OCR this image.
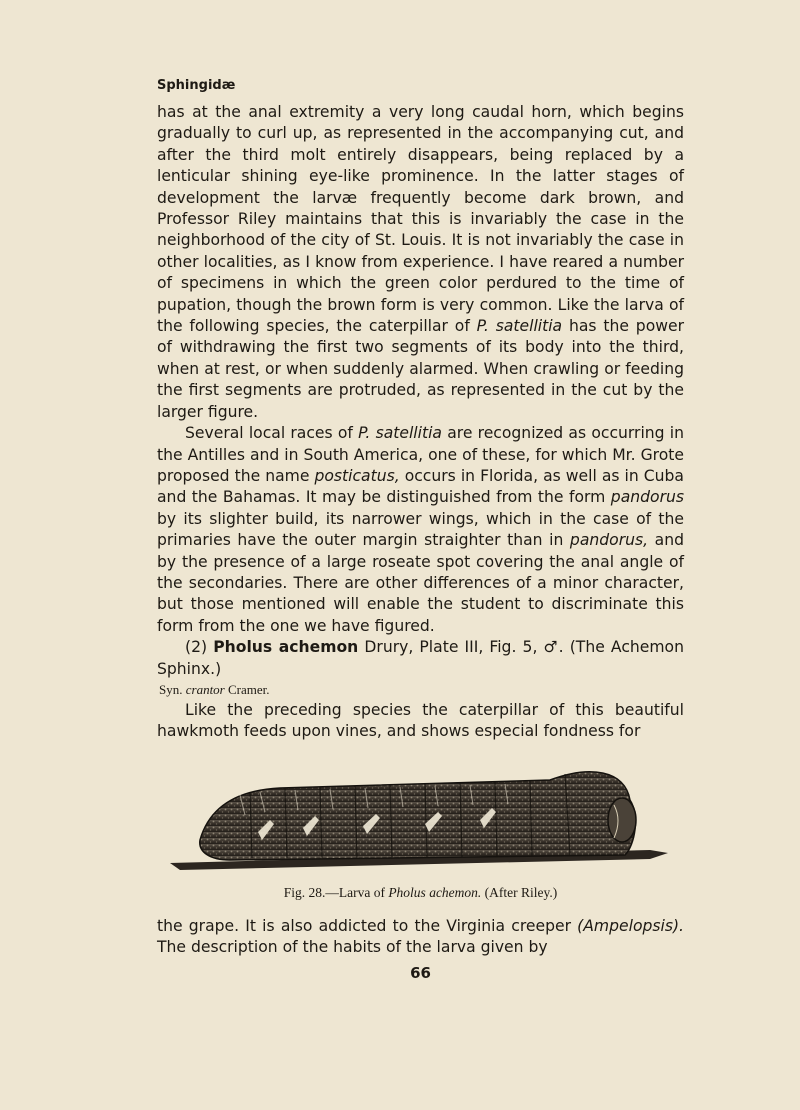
Sphingidæ

has at the anal extremity a very long caudal horn, which begins gradually to curl up, as represented in the accompanying cut, and after the third molt entirely disappears, being replaced by a lenticular shining eye-like prominence. In the latter stages of development the larvæ frequently become dark brown, and Professor Riley maintains that this is invariably the case in the neighborhood of the city of St. Louis. It is not invariably the case in other localities, as I know from experience. I have reared a number of specimens in which the green color perdured to the time of pupation, though the brown form is very common. Like the larva of the following species, the caterpillar of P. satellitia has the power of withdrawing the first two segments of its body into the third, when at rest, or when suddenly alarmed. When crawling or feeding the first segments are protruded, as represented in the cut by the larger figure.

Several local races of P. satellitia are recognized as occurring in the Antilles and in South America, one of these, for which Mr. Grote proposed the name posticatus, occurs in Florida, as well as in Cuba and the Bahamas. It may be distinguished from the form pandorus by its slighter build, its narrower wings, which in the case of the primaries have the outer margin straighter than in pandorus, and by the presence of a large roseate spot covering the anal angle of the secondaries. There are other differences of a minor character, but those mentioned will enable the student to discriminate this form from the one we have figured.

(2) Pholus achemon Drury, Plate III, Fig. 5, ♂. (The Achemon Sphinx.)

Syn. crantor Cramer.

Like the preceding species the caterpillar of this beautiful hawkmoth feeds upon vines, and shows especial fondness for

Fig. 28.—Larva of Pholus achemon. (After Riley.)

the grape. It is also addicted to the Virginia creeper (Ampelopsis). The description of the habits of the larva given by

66
